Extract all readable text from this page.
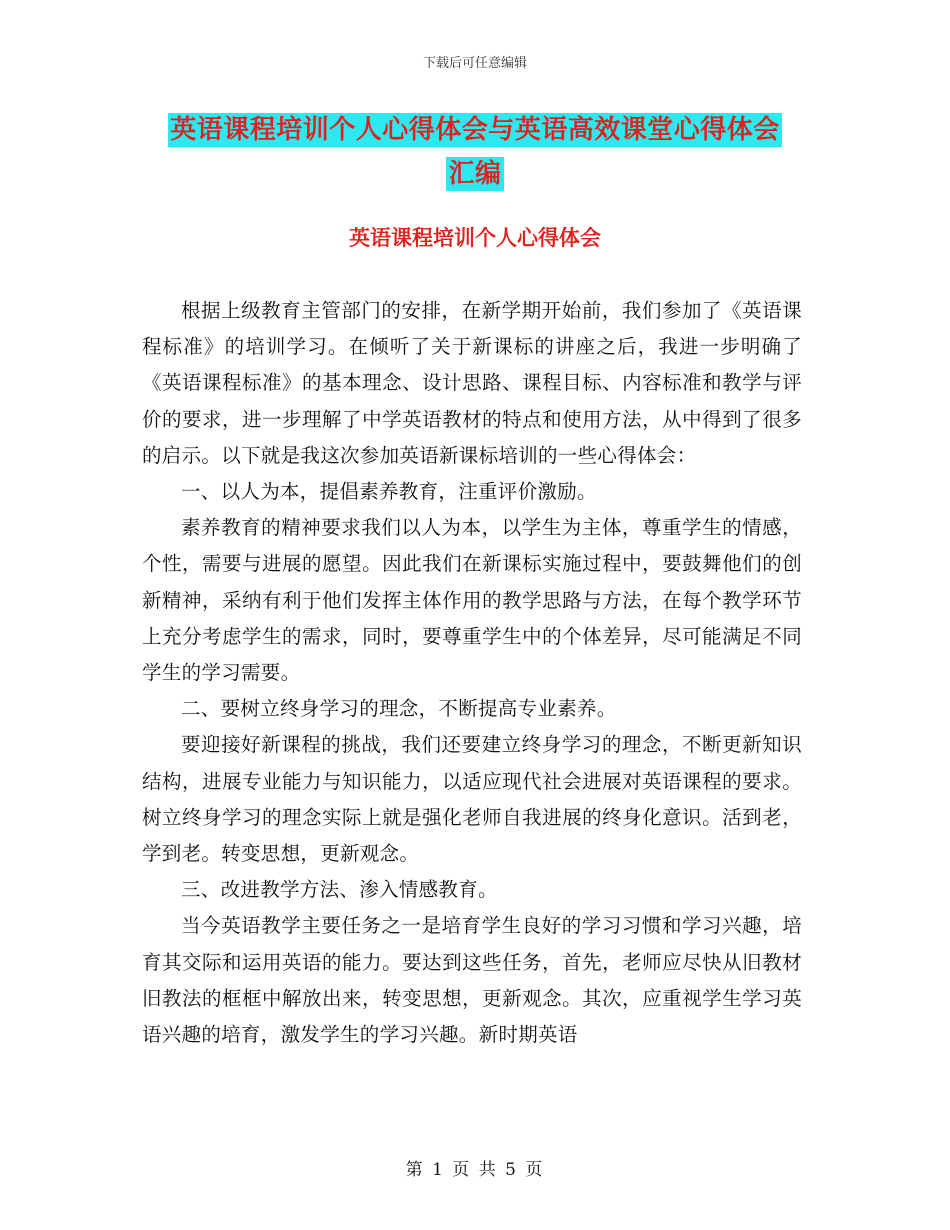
下载后可任意编辑
英语课程培训个人心得体会与英语高效课堂心得体会
汇编
英语课程培训个人心得体会

根据上级教育主管部门的安排，在新学期开始前，我们参加了《英语课程标准》的培训学习。在倾听了关于新课标的讲座之后，我进一步明确了《英语课程标准》的基本理念、设计思路、课程目标、内容标准和教学与评价的要求，进一步理解了中学英语教材的特点和使用方法，从中得到了很多的启示。以下就是我这次参加英语新课标培训的一些心得体会：

一、以人为本，提倡素养教育，注重评价激励。

素养教育的精神要求我们以人为本，以学生为主体，尊重学生的情感，个性，需要与进展的愿望。因此我们在新课标实施过程中，要鼓舞他们的创新精神，采纳有利于他们发挥主体作用的教学思路与方法，在每个教学环节上充分考虑学生的需求，同时，要尊重学生中的个体差异，尽可能满足不同学生的学习需要。

二、要树立终身学习的理念，不断提高专业素养。

要迎接好新课程的挑战，我们还要建立终身学习的理念，不断更新知识结构，进展专业能力与知识能力，以适应现代社会进展对英语课程的要求。树立终身学习的理念实际上就是强化老师自我进展的终身化意识。活到老，学到老。转变思想，更新观念。

三、改进教学方法、渗入情感教育。

当今英语教学主要任务之一是培育学生良好的学习习惯和学习兴趣，培育其交际和运用英语的能力。要达到这些任务，首先，老师应尽快从旧教材旧教法的框框中解放出来，转变思想，更新观念。其次，应重视学生学习英语兴趣的培育，激发学生的学习兴趣。新时期英语

第 1 页 共 5 页
